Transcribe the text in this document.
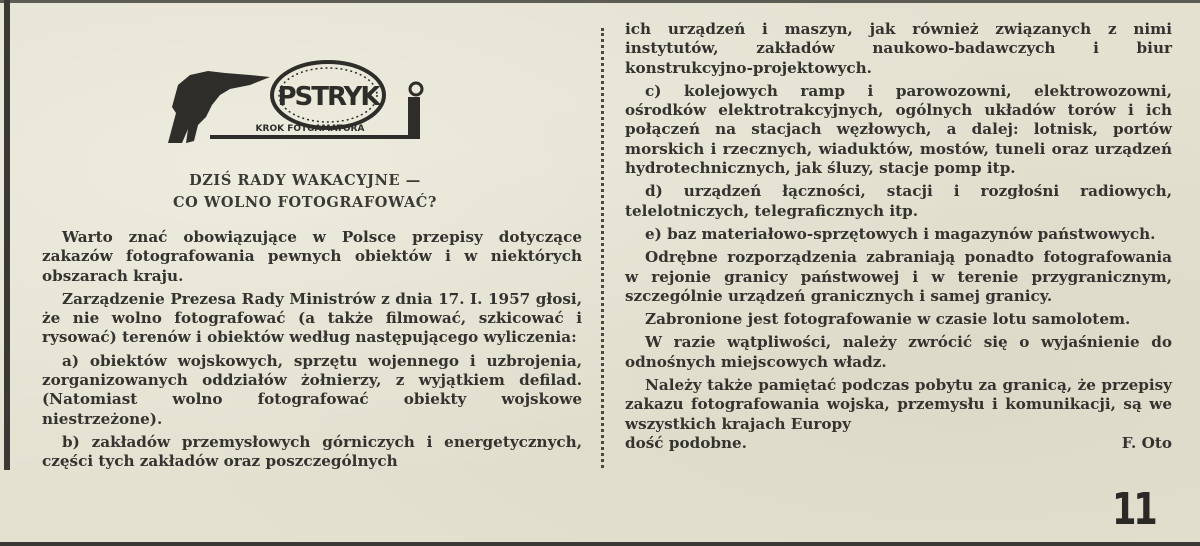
PSTRYK
KROK FOTOAMATORA
DZIŚ RADY WAKACYJNE —
CO WOLNO FOTOGRAFOWAĆ?

Warto znać obowiązujące w Polsce przepisy dotyczące zakazów fotografowania pewnych obiektów i w niektórych obszarach kraju.

Zarządzenie Prezesa Rady Ministrów z dnia 17. I. 1957 głosi, że nie wolno fotografować (a także filmować, szkicować i rysować) terenów i obiektów według następującego wyliczenia:

a) obiektów wojskowych, sprzętu wojennego i uzbrojenia, zorganizowanych oddziałów żołnierzy, z wyjątkiem defilad. (Natomiast wolno fotografować obiekty wojskowe niestrzeżone).

b) zakładów przemysłowych górniczych i energetycznych, części tych zakładów oraz poszczególnych

ich urządzeń i maszyn, jak również związanych z nimi instytutów, zakładów naukowo-badawczych i biur konstrukcyjno-projektowych.

c) kolejowych ramp i parowozowni, elektrowozowni, ośrodków elektrotrakcyjnych, ogólnych układów torów i ich połączeń na stacjach węzłowych, a dalej: lotnisk, portów morskich i rzecznych, wiaduktów, mostów, tuneli oraz urządzeń hydrotechnicznych, jak śluzy, stacje pomp itp.

d) urządzeń łączności, stacji i rozgłośni radiowych, telelotniczych, telegraficznych itp.

e) baz materiałowo-sprzętowych i magazynów państwowych.

Odrębne rozporządzenia zabraniają ponadto fotografowania w rejonie granicy państwowej i w terenie przygranicznym, szczególnie urządzeń granicznych i samej granicy.

Zabronione jest fotografowanie w czasie lotu samolotem.

W razie wątpliwości, należy zwrócić się o wyjaśnienie do odnośnych miejscowych władz.

Należy także pamiętać podczas pobytu za granicą, że przepisy zakazu fotografowania wojska, przemysłu i komunikacji, są we wszystkich krajach Europy

dość podobne.	F. Oto
11
